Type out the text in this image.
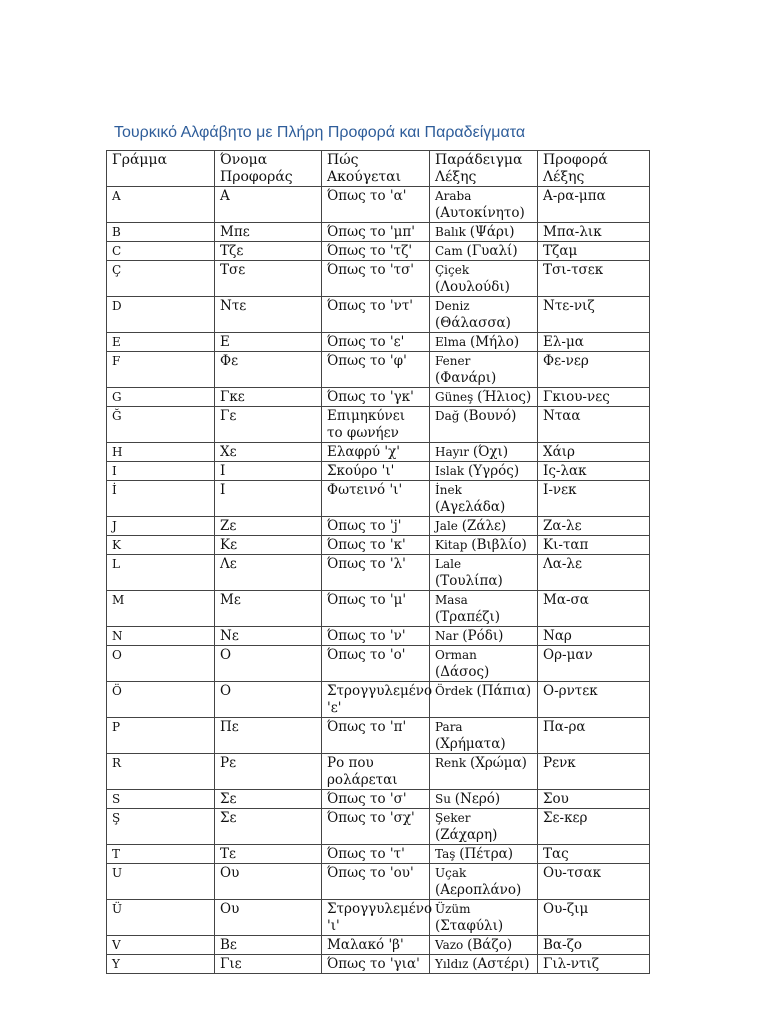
Τουρκικό Αλφάβητο με Πλήρη Προφορά και Παραδείγματα
Γράμμα	Όνομα Προφοράς	Πώς Ακούγεται	Παράδειγμα Λέξης	Προφορά Λέξης
A	Α	Όπως το 'α'	Araba (Αυτοκίνητο)	Α-ρα-μπα
B	Μπε	Όπως το 'μπ'	Balık (Ψάρι)	Μπα-λικ
C	Τζε	Όπως το 'τζ'	Cam (Γυαλί)	Τζαμ
Ç	Τσε	Όπως το 'τσ'	Çiçek (Λουλούδι)	Τσι-τσεκ
D	Ντε	Όπως το 'ντ'	Deniz (Θάλασσα)	Ντε-νιζ
E	Ε	Όπως το 'ε'	Elma (Μήλο)	Ελ-μα
F	Φε	Όπως το 'φ'	Fener (Φανάρι)	Φε-νερ
G	Γκε	Όπως το 'γκ'	Güneş (Ήλιος)	Γκιου-νες
Ğ	Γε	Επιμηκύνει το φωνήεν	Dağ (Βουνό)	Νταα
H	Χε	Ελαφρύ 'χ'	Hayır (Όχι)	Χάιρ
I	Ι	Σκούρο 'ι'	Islak (Υγρός)	Ις-λακ
İ	Ι	Φωτεινό 'ι'	İnek (Αγελάδα)	Ι-νεκ
J	Ζε	Όπως το 'j'	Jale (Ζάλε)	Ζα-λε
K	Κε	Όπως το 'κ'	Kitap (Βιβλίο)	Κι-ταπ
L	Λε	Όπως το 'λ'	Lale (Τουλίπα)	Λα-λε
M	Με	Όπως το 'μ'	Masa (Τραπέζι)	Μα-σα
N	Νε	Όπως το 'ν'	Nar (Ρόδι)	Ναρ
O	Ο	Όπως το 'ο'	Orman (Δάσος)	Ορ-μαν
Ö	Ο	Στρογγυλεμένο 'ε'	Ördek (Πάπια)	Ο-ρντεκ
P	Πε	Όπως το 'π'	Para (Χρήματα)	Πα-ρα
R	Ρε	Ρο που ρολάρεται	Renk (Χρώμα)	Ρενκ
S	Σε	Όπως το 'σ'	Su (Νερό)	Σου
Ş	Σε	Όπως το 'σχ'	Şeker (Ζάχαρη)	Σε-κερ
T	Τε	Όπως το 'τ'	Taş (Πέτρα)	Τας
U	Ου	Όπως το 'ου'	Uçak (Αεροπλάνο)	Ου-τσακ
Ü	Ου	Στρογγυλεμένο 'ι'	Üzüm (Σταφύλι)	Ου-ζιμ
V	Βε	Μαλακό 'β'	Vazo (Βάζο)	Βα-ζο
Y	Γιε	Όπως το 'για'	Yıldız (Αστέρι)	Γιλ-ντιζ
